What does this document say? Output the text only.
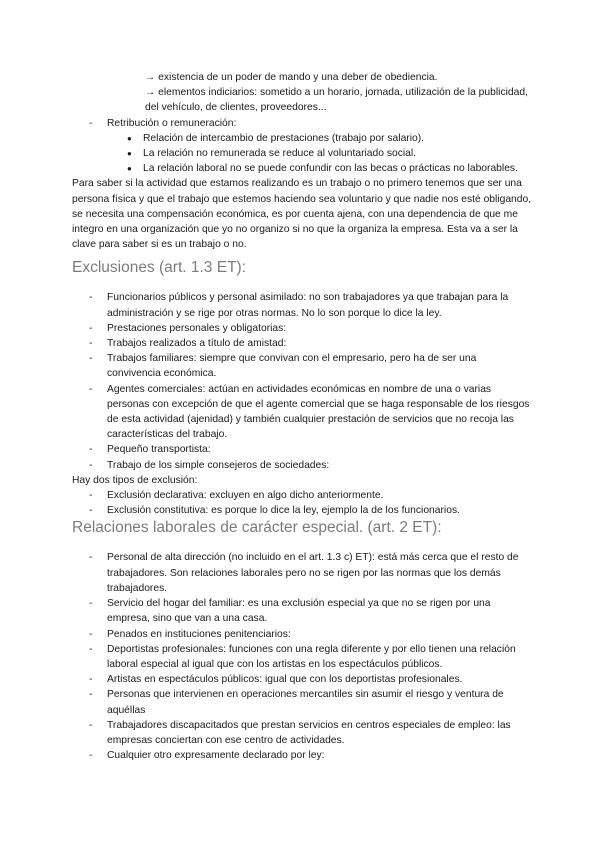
→ existencia de un poder de mando y una deber de obediencia.
→ elementos indiciarios: sometido a un horario, jornada, utilización de la publicidad, del vehículo, de clientes, proveedores...
- Retribución o remuneración:
● Relación de intercambio de prestaciones (trabajo por salario).
● La relación no remunerada se reduce al voluntariado social.
● La relación laboral no se puede confundir con las becas o prácticas no laborables.
Para saber si la actividad que estamos realizando es un trabajo o no primero tenemos que ser una persona física y que el trabajo que estemos haciendo sea voluntario y que nadie nos esté obligando, se necesita una compensación económica, es por cuenta ajena, con una dependencia de que me integro en una organización que yo no organizo si no que la organiza la empresa. Esta va a ser la clave para saber si es un trabajo o no.
Exclusiones (art. 1.3 ET):
- Funcionarios públicos y personal asimilado: no son trabajadores ya que trabajan para la administración y se rige por otras normas. No lo son porque lo dice la ley.
- Prestaciones personales y obligatorias:
- Trabajos realizados a título de amistad:
- Trabajos familiares: siempre que convivan con el empresario, pero ha de ser una convivencia económica.
- Agentes comerciales: actúan en actividades económicas en nombre de una o varias personas con excepción de que el agente comercial que se haga responsable de los riesgos de esta actividad (ajenidad) y también cualquier prestación de servicios que no recoja las características del trabajo.
- Pequeño transportista:
- Trabajo de los simple consejeros de sociedades:
Hay dos tipos de exclusión:
- Exclusión declarativa: excluyen en algo dicho anteriormente.
- Exclusión constitutiva: es porque lo dice la ley, ejemplo la de los funcionarios.
Relaciones laborales de carácter especial. (art. 2 ET):
- Personal de alta dirección (no incluido en el art. 1.3 c) ET): está más cerca que el resto de trabajadores. Son relaciones laborales pero no se rigen por las normas que los demás trabajadores.
- Servicio del hogar del familiar: es una exclusión especial ya que no se rigen por una empresa, sino que van a una casa.
- Penados en instituciones penitenciarios:
- Deportistas profesionales: funciones con una regla diferente y por ello tienen una relación laboral especial al igual que con los artistas en los espectáculos públicos.
- Artistas en espectáculos públicos: igual que con los deportistas profesionales.
- Personas que intervienen en operaciones mercantiles sin asumir el riesgo y ventura de aquéllas
- Trabajadores discapacitados que prestan servicios en centros especiales de empleo: las empresas conciertan con ese centro de actividades.
- Cualquier otro expresamente declarado por ley:
